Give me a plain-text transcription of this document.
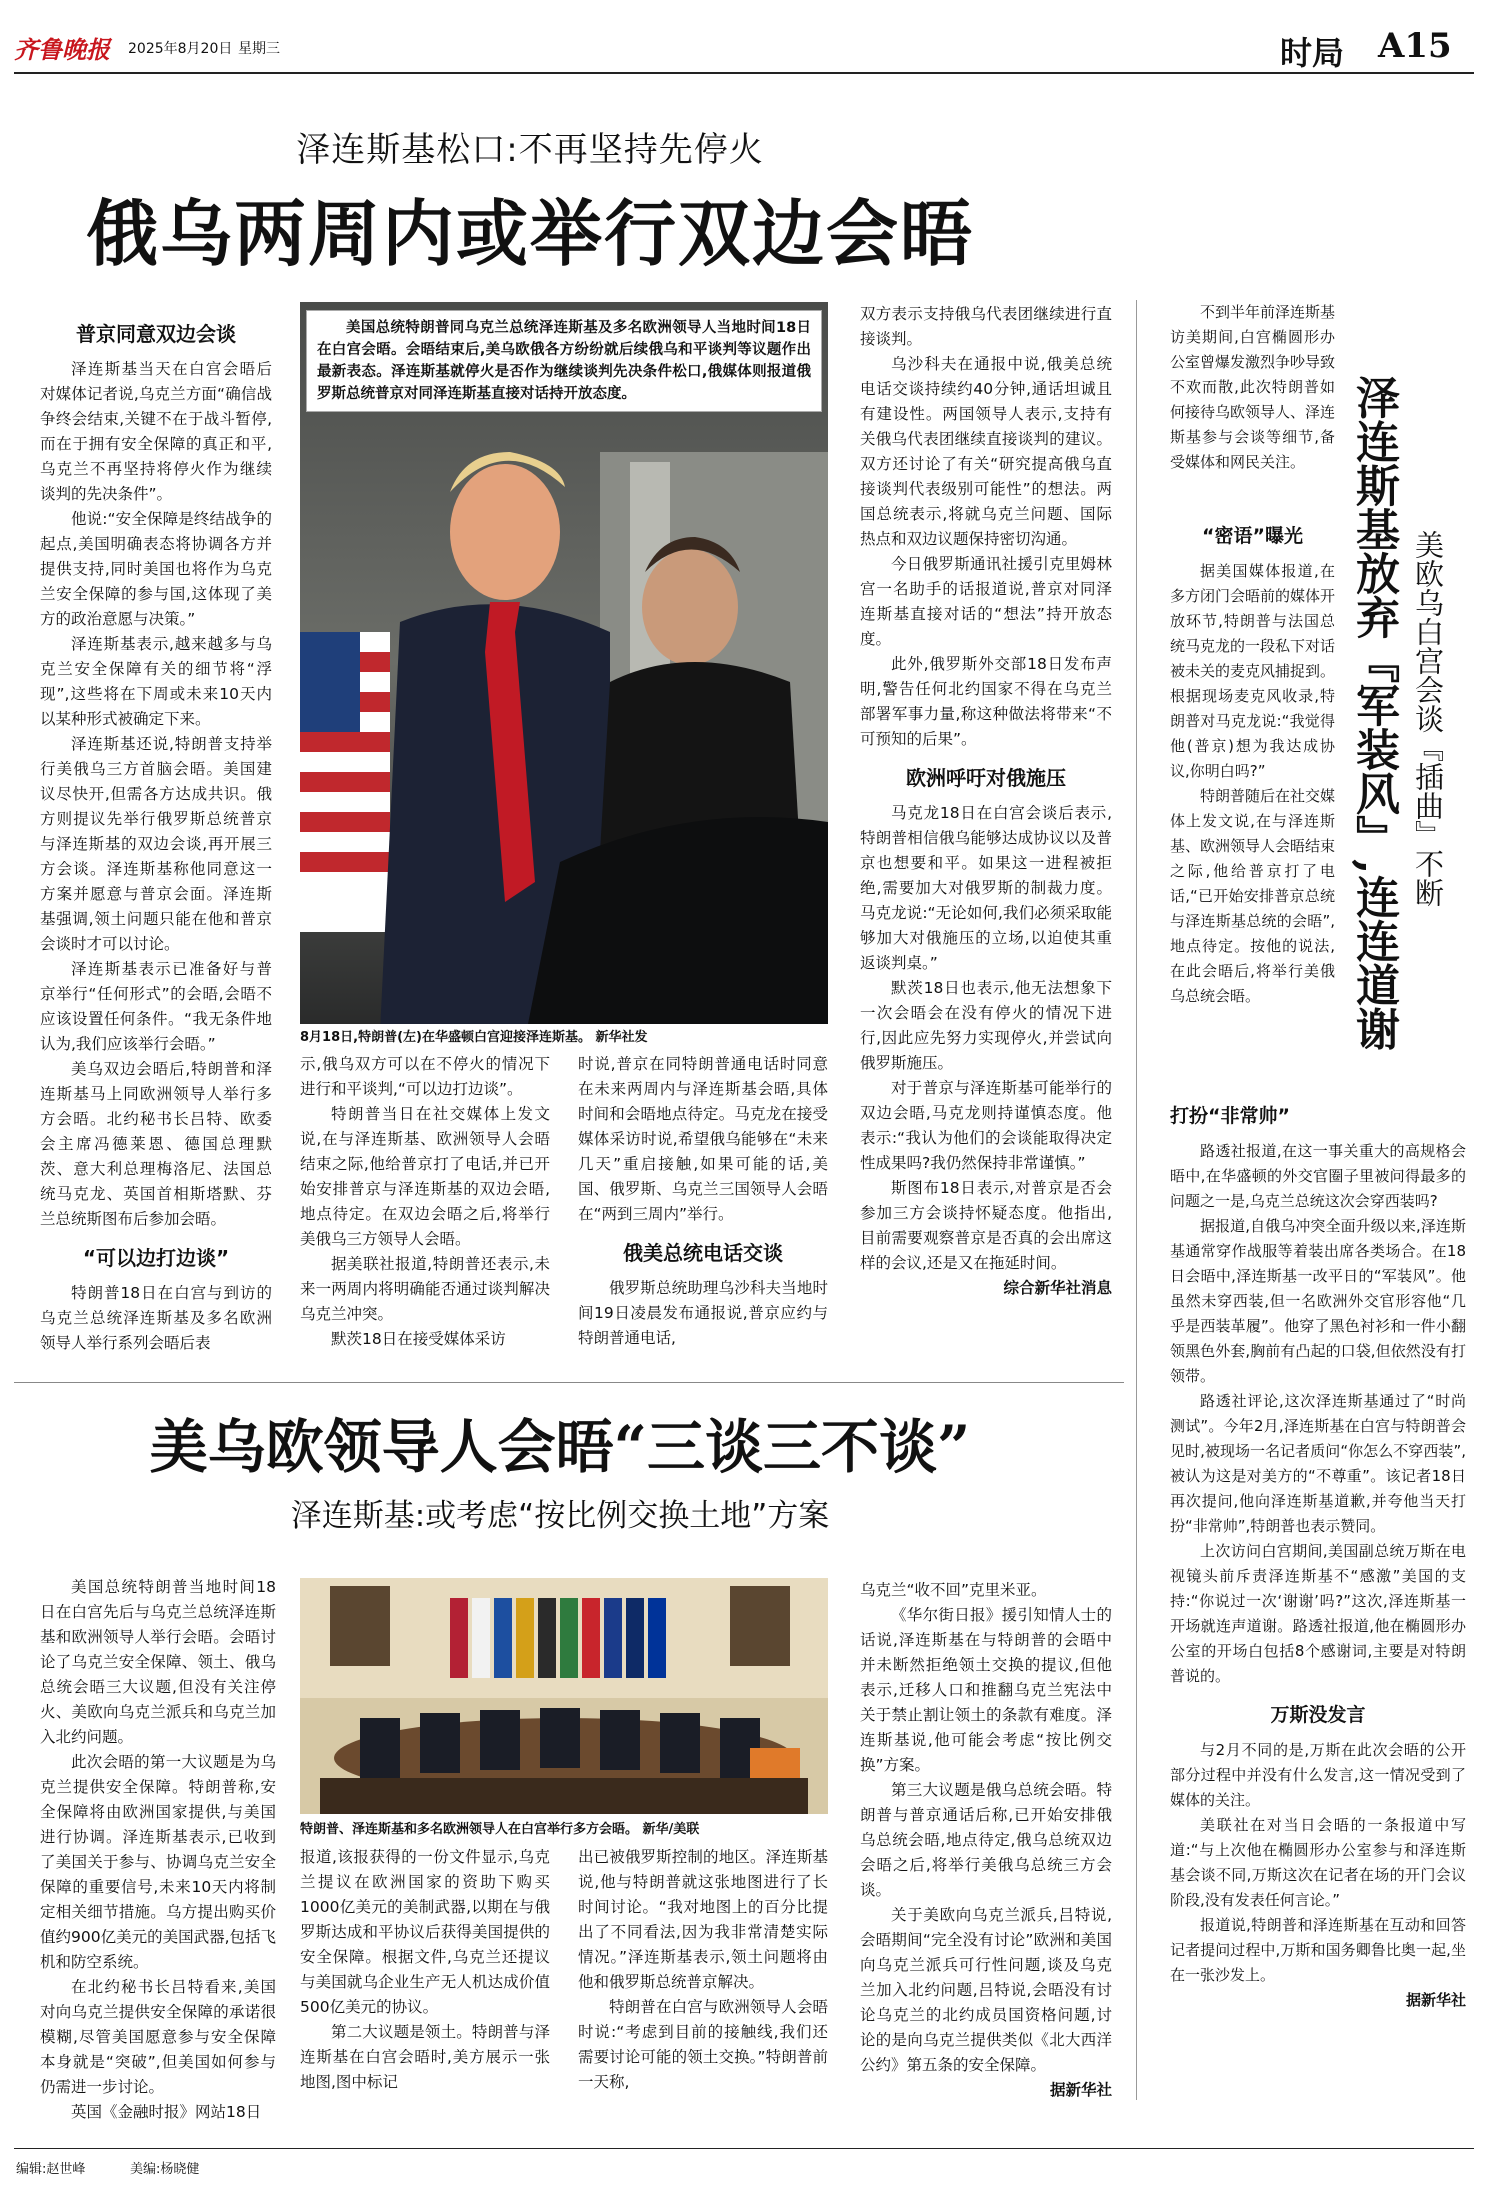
齐鲁晚报 2025年8月20日 星期三	时局 A15
泽连斯基松口:不再坚持先停火
俄乌两周内或举行双边会晤
普京同意双边会谈

泽连斯基当天在白宫会晤后对媒体记者说,乌克兰方面“确信战争终会结束,关键不在于战斗暂停,而在于拥有安全保障的真正和平,乌克兰不再坚持将停火作为继续谈判的先决条件”。

他说:“安全保障是终结战争的起点,美国明确表态将协调各方并提供支持,同时美国也将作为乌克兰安全保障的参与国,这体现了美方的政治意愿与决策。”

泽连斯基表示,越来越多与乌克兰安全保障有关的细节将“浮现”,这些将在下周或未来10天内以某种形式被确定下来。

泽连斯基还说,特朗普支持举行美俄乌三方首脑会晤。美国建议尽快开,但需各方达成共识。俄方则提议先举行俄罗斯总统普京与泽连斯基的双边会谈,再开展三方会谈。泽连斯基称他同意这一方案并愿意与普京会面。泽连斯基强调,领土问题只能在他和普京会谈时才可以讨论。

泽连斯基表示已准备好与普京举行“任何形式”的会晤,会晤不应该设置任何条件。“我无条件地认为,我们应该举行会晤。”

美乌双边会晤后,特朗普和泽连斯基马上同欧洲领导人举行多方会晤。北约秘书长吕特、欧委会主席冯德莱恩、德国总理默茨、意大利总理梅洛尼、法国总统马克龙、英国首相斯塔默、芬兰总统斯图布后参加会晤。

“可以边打边谈”

特朗普18日在白宫与到访的乌克兰总统泽连斯基及多名欧洲领导人举行系列会晤后表

美国总统特朗普同乌克兰总统泽连斯基及多名欧洲领导人当地时间18日在白宫会晤。会晤结束后,美乌欧俄各方纷纷就后续俄乌和平谈判等议题作出最新表态。泽连斯基就停火是否作为继续谈判先决条件松口,俄媒体则报道俄罗斯总统普京对同泽连斯基直接对话持开放态度。
8月18日,特朗普(左)在华盛顿白宫迎接泽连斯基。 新华社发

示,俄乌双方可以在不停火的情况下进行和平谈判,“可以边打边谈”。

特朗普当日在社交媒体上发文说,在与泽连斯基、欧洲领导人会晤结束之际,他给普京打了电话,并已开始安排普京与泽连斯基的双边会晤,地点待定。在双边会晤之后,将举行美俄乌三方领导人会晤。

据美联社报道,特朗普还表示,未来一两周内将明确能否通过谈判解决乌克兰冲突。

默茨18日在接受媒体采访

时说,普京在同特朗普通电话时同意在未来两周内与泽连斯基会晤,具体时间和会晤地点待定。马克龙在接受媒体采访时说,希望俄乌能够在“未来几天”重启接触,如果可能的话,美国、俄罗斯、乌克兰三国领导人会晤在“两到三周内”举行。

俄美总统电话交谈

俄罗斯总统助理乌沙科夫当地时间19日凌晨发布通报说,普京应约与特朗普通电话,

双方表示支持俄乌代表团继续进行直接谈判。

乌沙科夫在通报中说,俄美总统电话交谈持续约40分钟,通话坦诚且有建设性。两国领导人表示,支持有关俄乌代表团继续直接谈判的建议。双方还讨论了有关“研究提高俄乌直接谈判代表级别可能性”的想法。两国总统表示,将就乌克兰问题、国际热点和双边议题保持密切沟通。

今日俄罗斯通讯社援引克里姆林宫一名助手的话报道说,普京对同泽连斯基直接对话的“想法”持开放态度。

此外,俄罗斯外交部18日发布声明,警告任何北约国家不得在乌克兰部署军事力量,称这种做法将带来“不可预知的后果”。

欧洲呼吁对俄施压

马克龙18日在白宫会谈后表示,特朗普相信俄乌能够达成协议以及普京也想要和平。如果这一进程被拒绝,需要加大对俄罗斯的制裁力度。马克龙说:“无论如何,我们必须采取能够加大对俄施压的立场,以迫使其重返谈判桌。”

默茨18日也表示,他无法想象下一次会晤会在没有停火的情况下进行,因此应先努力实现停火,并尝试向俄罗斯施压。

对于普京与泽连斯基可能举行的双边会晤,马克龙则持谨慎态度。他表示:“我认为他们的会谈能取得决定性成果吗?我仍然保持非常谨慎。”

斯图布18日表示,对普京是否会参加三方会谈持怀疑态度。他指出,目前需要观察普京是否真的会出席这样的会议,还是又在拖延时间。

综合新华社消息

不到半年前泽连斯基访美期间,白宫椭圆形办公室曾爆发激烈争吵导致不欢而散,此次特朗普如何接待乌欧领导人、泽连斯基参与会谈等细节,备受媒体和网民关注。 泽连斯基放弃『军装风』,连连道谢 美欧乌白宫会谈『插曲』不断
“密语”曝光

据美国媒体报道,在多方闭门会晤前的媒体开放环节,特朗普与法国总统马克龙的一段私下对话被未关的麦克风捕捉到。根据现场麦克风收录,特朗普对马克龙说:“我觉得他(普京)想为我达成协议,你明白吗?”

特朗普随后在社交媒体上发文说,在与泽连斯基、欧洲领导人会晤结束之际,他给普京打了电话,“已开始安排普京总统与泽连斯基总统的会晤”,地点待定。按他的说法,在此会晤后,将举行美俄乌总统会晤。

打扮“非常帅”

路透社报道,在这一事关重大的高规格会晤中,在华盛顿的外交官圈子里被问得最多的问题之一是,乌克兰总统这次会穿西装吗?

据报道,自俄乌冲突全面升级以来,泽连斯基通常穿作战服等着装出席各类场合。在18日会晤中,泽连斯基一改平日的“军装风”。他虽然未穿西装,但一名欧洲外交官形容他“几乎是西装革履”。他穿了黑色衬衫和一件小翻领黑色外套,胸前有凸起的口袋,但依然没有打领带。

路透社评论,这次泽连斯基通过了“时尚测试”。今年2月,泽连斯基在白宫与特朗普会见时,被现场一名记者质问“你怎么不穿西装”,被认为这是对美方的“不尊重”。该记者18日再次提问,他向泽连斯基道歉,并夸他当天打扮“非常帅”,特朗普也表示赞同。

上次访问白宫期间,美国副总统万斯在电视镜头前斥责泽连斯基不“感激”美国的支持:“你说过一次‘谢谢’吗?”这次,泽连斯基一开场就连声道谢。路透社报道,他在椭圆形办公室的开场白包括8个感谢词,主要是对特朗普说的。

万斯没发言

与2月不同的是,万斯在此次会晤的公开部分过程中并没有什么发言,这一情况受到了媒体的关注。

美联社在对当日会晤的一条报道中写道:“与上次他在椭圆形办公室参与和泽连斯基会谈不同,万斯这次在记者在场的开门会议阶段,没有发表任何言论。”

报道说,特朗普和泽连斯基在互动和回答记者提问过程中,万斯和国务卿鲁比奥一起,坐在一张沙发上。

据新华社
美乌欧领导人会晤“三谈三不谈”
泽连斯基:或考虑“按比例交换土地”方案

美国总统特朗普当地时间18日在白宫先后与乌克兰总统泽连斯基和欧洲领导人举行会晤。会晤讨论了乌克兰安全保障、领土、俄乌总统会晤三大议题,但没有关注停火、美欧向乌克兰派兵和乌克兰加入北约问题。

此次会晤的第一大议题是为乌克兰提供安全保障。特朗普称,安全保障将由欧洲国家提供,与美国进行协调。泽连斯基表示,已收到了美国关于参与、协调乌克兰安全保障的重要信号,未来10天内将制定相关细节措施。乌方提出购买价值约900亿美元的美国武器,包括飞机和防空系统。

在北约秘书长吕特看来,美国对向乌克兰提供安全保障的承诺很模糊,尽管美国愿意参与安全保障本身就是“突破”,但美国如何参与仍需进一步讨论。

英国《金融时报》网站18日

特朗普、泽连斯基和多名欧洲领导人在白宫举行多方会晤。 新华/美联

报道,该报获得的一份文件显示,乌克兰提议在欧洲国家的资助下购买1000亿美元的美制武器,以期在与俄罗斯达成和平协议后获得美国提供的安全保障。根据文件,乌克兰还提议与美国就乌企业生产无人机达成价值500亿美元的协议。

第二大议题是领土。特朗普与泽连斯基在白宫会晤时,美方展示一张地图,图中标记

出已被俄罗斯控制的地区。泽连斯基说,他与特朗普就这张地图进行了长时间讨论。“我对地图上的百分比提出了不同看法,因为我非常清楚实际情况。”泽连斯基表示,领土问题将由他和俄罗斯总统普京解决。

特朗普在白宫与欧洲领导人会晤时说:“考虑到目前的接触线,我们还需要讨论可能的领土交换。”特朗普前一天称,

乌克兰“收不回”克里米亚。

《华尔街日报》援引知情人士的话说,泽连斯基在与特朗普的会晤中并未断然拒绝领土交换的提议,但他表示,迁移人口和推翻乌克兰宪法中关于禁止割让领土的条款有难度。泽连斯基说,他可能会考虑“按比例交换”方案。

第三大议题是俄乌总统会晤。特朗普与普京通话后称,已开始安排俄乌总统会晤,地点待定,俄乌总统双边会晤之后,将举行美俄乌总统三方会谈。

关于美欧向乌克兰派兵,吕特说,会晤期间“完全没有讨论”欧洲和美国向乌克兰派兵可行性问题,谈及乌克兰加入北约问题,吕特说,会晤没有讨论乌克兰的北约成员国资格问题,讨论的是向乌克兰提供类似《北大西洋公约》第五条的安全保障。

据新华社
编辑:赵世峰	美编:杨晓健
